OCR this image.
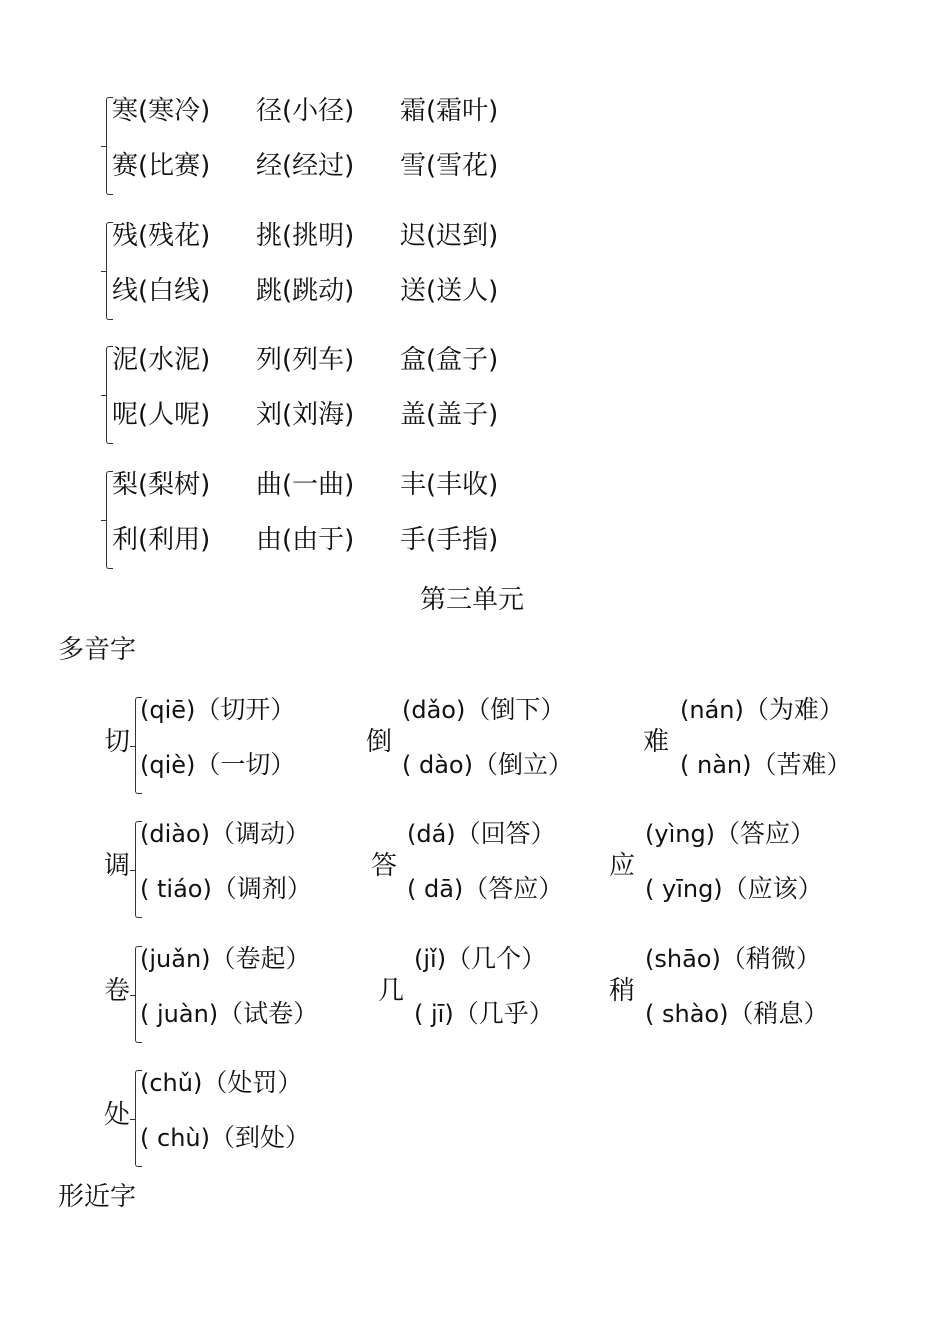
寒(寒冷) 径(小径) 霜(霜叶)
赛(比赛) 经(经过) 雪(雪花)
残(残花) 挑(挑明) 迟(迟到)
线(白线) 跳(跳动) 送(送人)
泥(水泥) 列(列车) 盒(盒子)
呢(人呢) 刘(刘海) 盖(盖子)
梨(梨树) 曲(一曲) 丰(丰收)
利(利用) 由(由于) 手(手指)
第三单元
多音字
切
(qiē)（切开）
(qiè)（一切）
倒
(dǎo)（倒下）
( dào)（倒立）
难
(nán)（为难）
( nàn)（苦难）
调
(diào)（调动）
( tiáo)（调剂）
答
(dá)（回答）
( dā)（答应）
应
(yìng)（答应）
( yīng)（应该）
卷
(juǎn)（卷起）
( juàn)（试卷）
几
(jǐ)（几个）
( jī)（几乎）
稍
(shāo)（稍微）
( shào)（稍息）
处
(chǔ)（处罚）
( chù)（到处）
形近字
